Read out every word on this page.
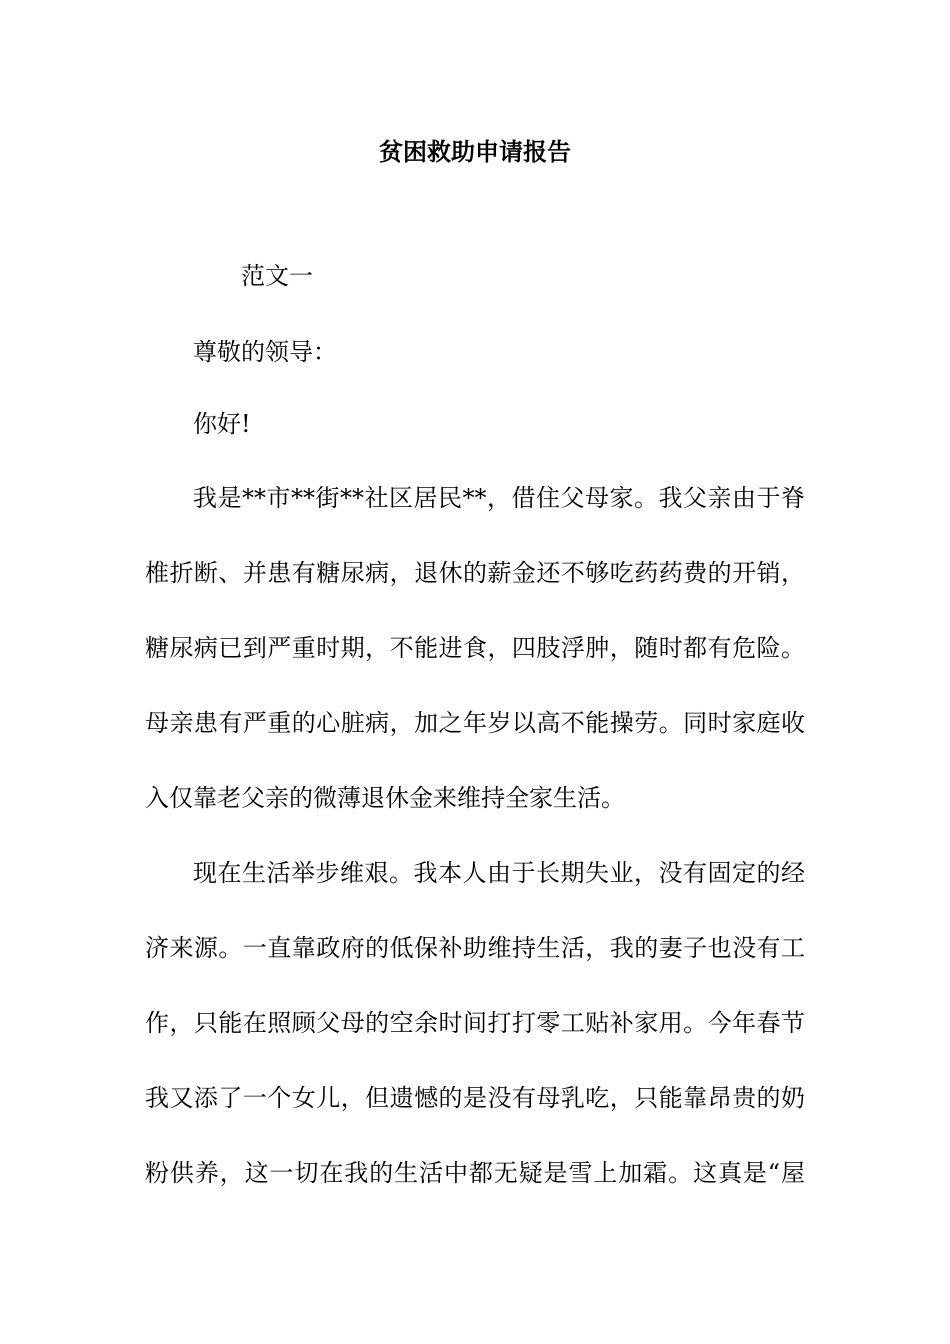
贫困救助申请报告
范文一
尊敬的领导：
你好!
我是**市**街**社区居民**，借住父母家。我父亲由于脊
椎折断、并患有糖尿病，退休的薪金还不够吃药药费的开销，
糖尿病已到严重时期，不能进食，四肢浮肿，随时都有危险。
母亲患有严重的心脏病，加之年岁以高不能操劳。同时家庭收
入仅靠老父亲的微薄退休金来维持全家生活。
现在生活举步维艰。我本人由于长期失业，没有固定的经
济来源。一直靠政府的低保补助维持生活，我的妻子也没有工
作，只能在照顾父母的空余时间打打零工贴补家用。今年春节
我又添了一个女儿，但遗憾的是没有母乳吃，只能靠昂贵的奶
粉供养，这一切在我的生活中都无疑是雪上加霜。这真是“屋
